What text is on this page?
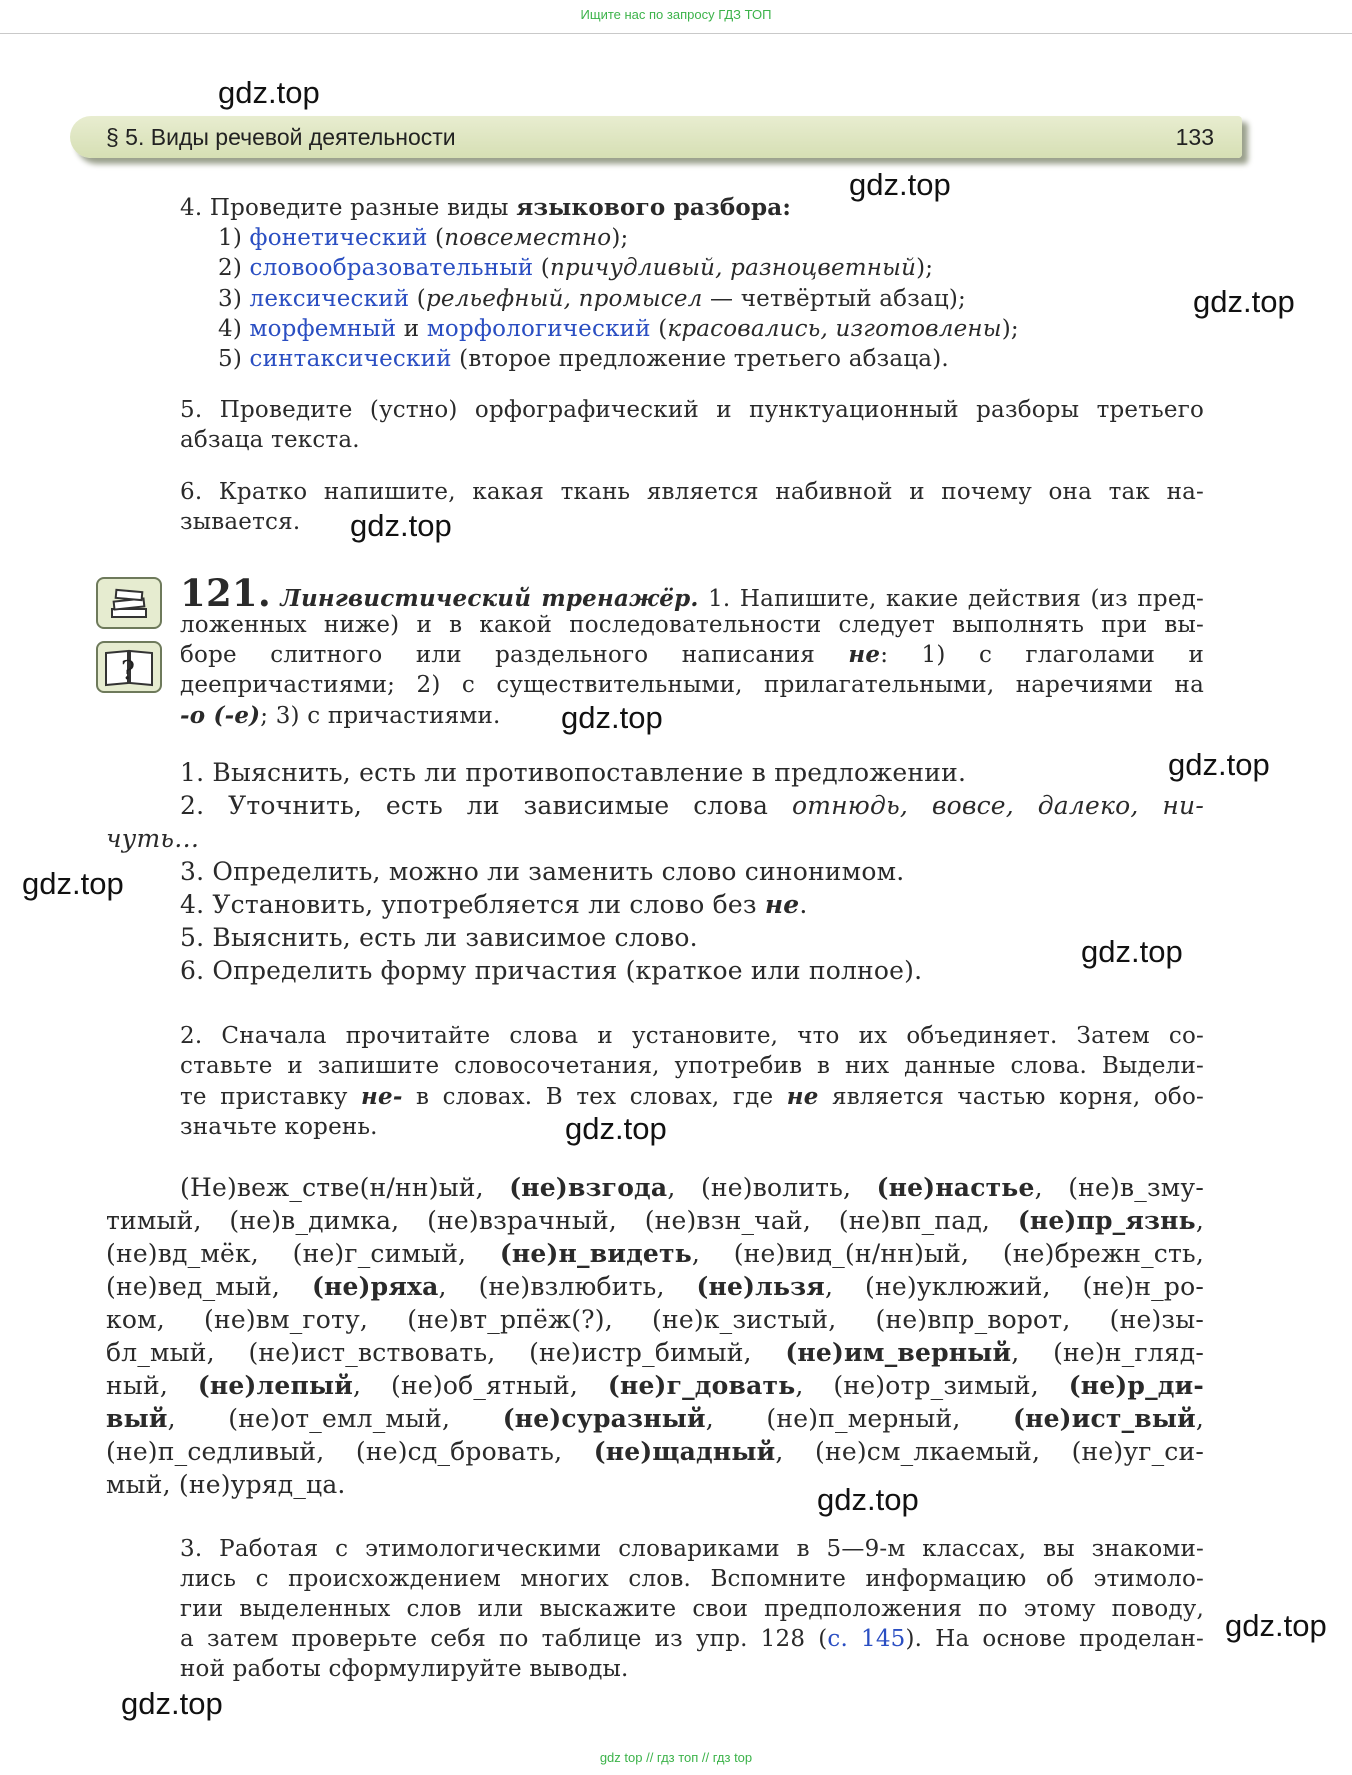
Ищите нас по запросу ГДЗ ТОП
gdz.top
gdz.top
gdz.top
gdz.top
gdz.top
gdz.top
gdz.top
gdz.top
gdz.top
gdz.top
gdz.top
gdz.top
§ 5. Виды речевой деятельности	133

4. Проведите разные виды языкового разбора:

1) фонетический (повсеместно);

2) словообразовательный (причудливый, разноцветный);

3) лексический (рельефный, промысел — четвёртый абзац);

4) морфемный и морфологический (красовались, изготовлены);

5) синтаксический (второе предложение третьего абзаца).

5. Проведите (устно) орфографический и пунктуационный разборы третьего

абзаца текста.

6. Кратко напишите, какая ткань является набивной и почему она так на-

зывается.

?

121. Лингвистический тренажёр. 1. Напишите, какие действия (из пред-

ложенных ниже) и в какой последовательности следует выполнять при вы-

боре слитного или раздельного написания не: 1) с глаголами и

деепричастиями; 2) с существительными, прилагательными, наречиями на

-о (-е); 3) с причастиями.

1. Выяснить, есть ли противопоставление в предложении.

2. Уточнить, есть ли зависимые слова отнюдь, вовсе, далеко, ни-

чуть…

3. Определить, можно ли заменить слово синонимом.

4. Установить, употребляется ли слово без не.

5. Выяснить, есть ли зависимое слово.

6. Определить форму причастия (краткое или полное).

2. Сначала прочитайте слова и установите, что их объединяет. Затем со-

ставьте и запишите словосочетания, употребив в них данные слова. Выдели-

те приставку не- в словах. В тех словах, где не является частью корня, обо-

значьте корень.

(Не)веж_стве(н/нн)ый, (не)взгода, (не)волить, (не)настье, (не)в_зму-

тимый, (не)в_димка, (не)взрачный, (не)взн_чай, (не)вп_пад, (не)пр_язнь,

(не)вд_мёк, (не)г_симый, (не)н_видеть, (не)вид_(н/нн)ый, (не)брежн_сть,

(не)вед_мый, (не)ряха, (не)взлюбить, (не)льзя, (не)уклюжий, (не)н_ро-

ком, (не)вм_готу, (не)вт_рпёж(?), (не)к_зистый, (не)впр_ворот, (не)зы-

бл_мый, (не)ист_вствовать, (не)истр_бимый, (не)им_верный, (не)н_гляд-

ный, (не)лепый, (не)об_ятный, (не)г_довать, (не)отр_зимый, (не)р_ди-

вый, (не)от_емл_мый, (не)суразный, (не)п_мерный, (не)ист_вый,

(не)п_седливый, (не)сд_бровать, (не)щадный, (не)см_лкаемый, (не)уг_си-

мый, (не)уряд_ца.

3. Работая с этимологическими словариками в 5—9-м классах, вы знакоми-

лись с происхождением многих слов. Вспомните информацию об этимоло-

гии выделенных слов или выскажите свои предположения по этому поводу,

а затем проверьте себя по таблице из упр. 128 (с. 145). На основе проделан-

ной работы сформулируйте выводы.

gdz top // гдз топ // гдз top
